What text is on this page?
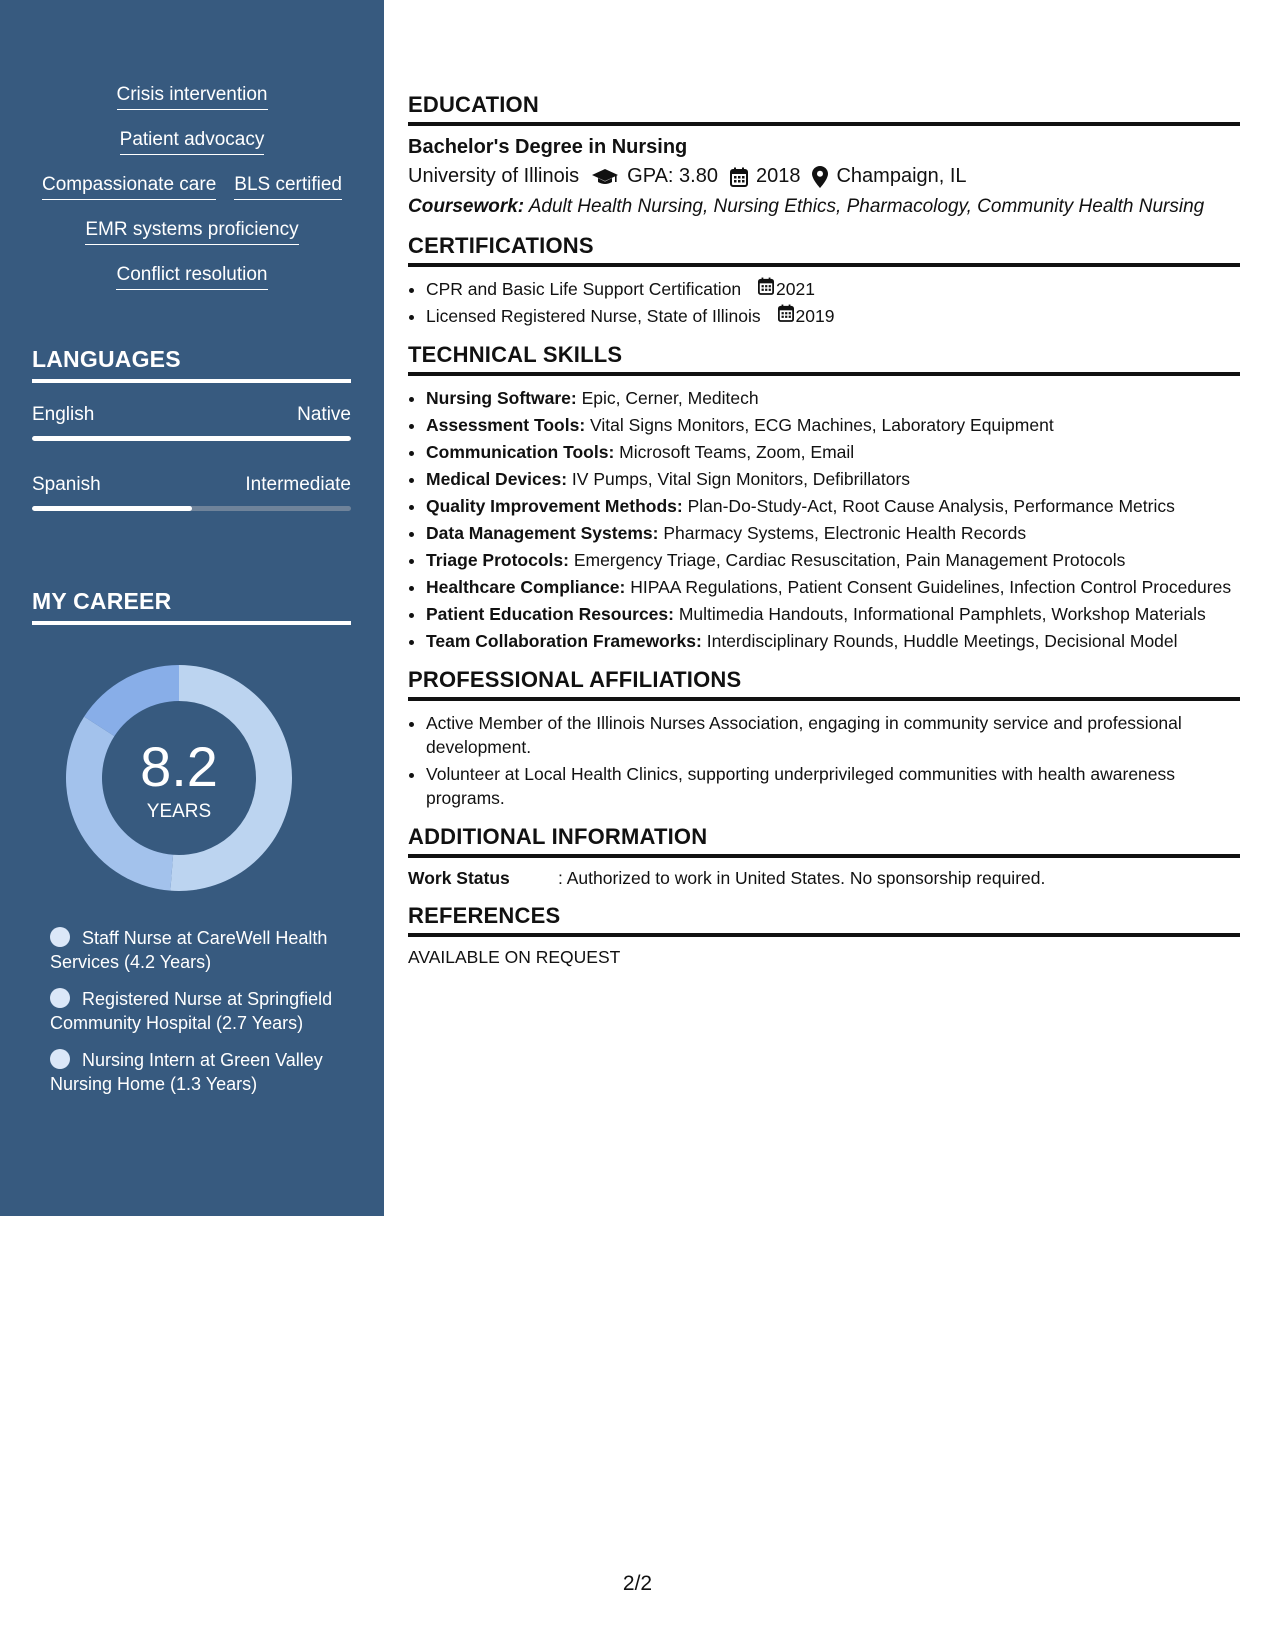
Crisis intervention
Patient advocacy
Compassionate care BLS certified
EMR systems proficiency
Conflict resolution
LANGUAGES
English	Native
Spanish	Intermediate
MY CAREER
8.2
YEARS
Staff Nurse at CareWell Health Services (4.2 Years)
Registered Nurse at Springfield Community Hospital (2.7 Years)
Nursing Intern at Green Valley Nursing Home (1.3 Years)
EDUCATION
Bachelor's Degree in Nursing
University of Illinois GPA: 3.80 2018 Champaign, IL
Coursework: Adult Health Nursing, Nursing Ethics, Pharmacology, Community Health Nursing
CERTIFICATIONS
• CPR and Basic Life Support Certification 2021
• Licensed Registered Nurse, State of Illinois 2019
TECHNICAL SKILLS
• Nursing Software: Epic, Cerner, Meditech
• Assessment Tools: Vital Signs Monitors, ECG Machines, Laboratory Equipment
• Communication Tools: Microsoft Teams, Zoom, Email
• Medical Devices: IV Pumps, Vital Sign Monitors, Defibrillators
• Quality Improvement Methods: Plan-Do-Study-Act, Root Cause Analysis, Performance Metrics
• Data Management Systems: Pharmacy Systems, Electronic Health Records
• Triage Protocols: Emergency Triage, Cardiac Resuscitation, Pain Management Protocols
• Healthcare Compliance: HIPAA Regulations, Patient Consent Guidelines, Infection Control Procedures
• Patient Education Resources: Multimedia Handouts, Informational Pamphlets, Workshop Materials
• Team Collaboration Frameworks: Interdisciplinary Rounds, Huddle Meetings, Decisional Model
PROFESSIONAL AFFILIATIONS
• Active Member of the Illinois Nurses Association, engaging in community service and professional development.
• Volunteer at Local Health Clinics, supporting underprivileged communities with health awareness programs.
ADDITIONAL INFORMATION
Work Status	: Authorized to work in United States. No sponsorship required.
REFERENCES
AVAILABLE ON REQUEST
2/2
